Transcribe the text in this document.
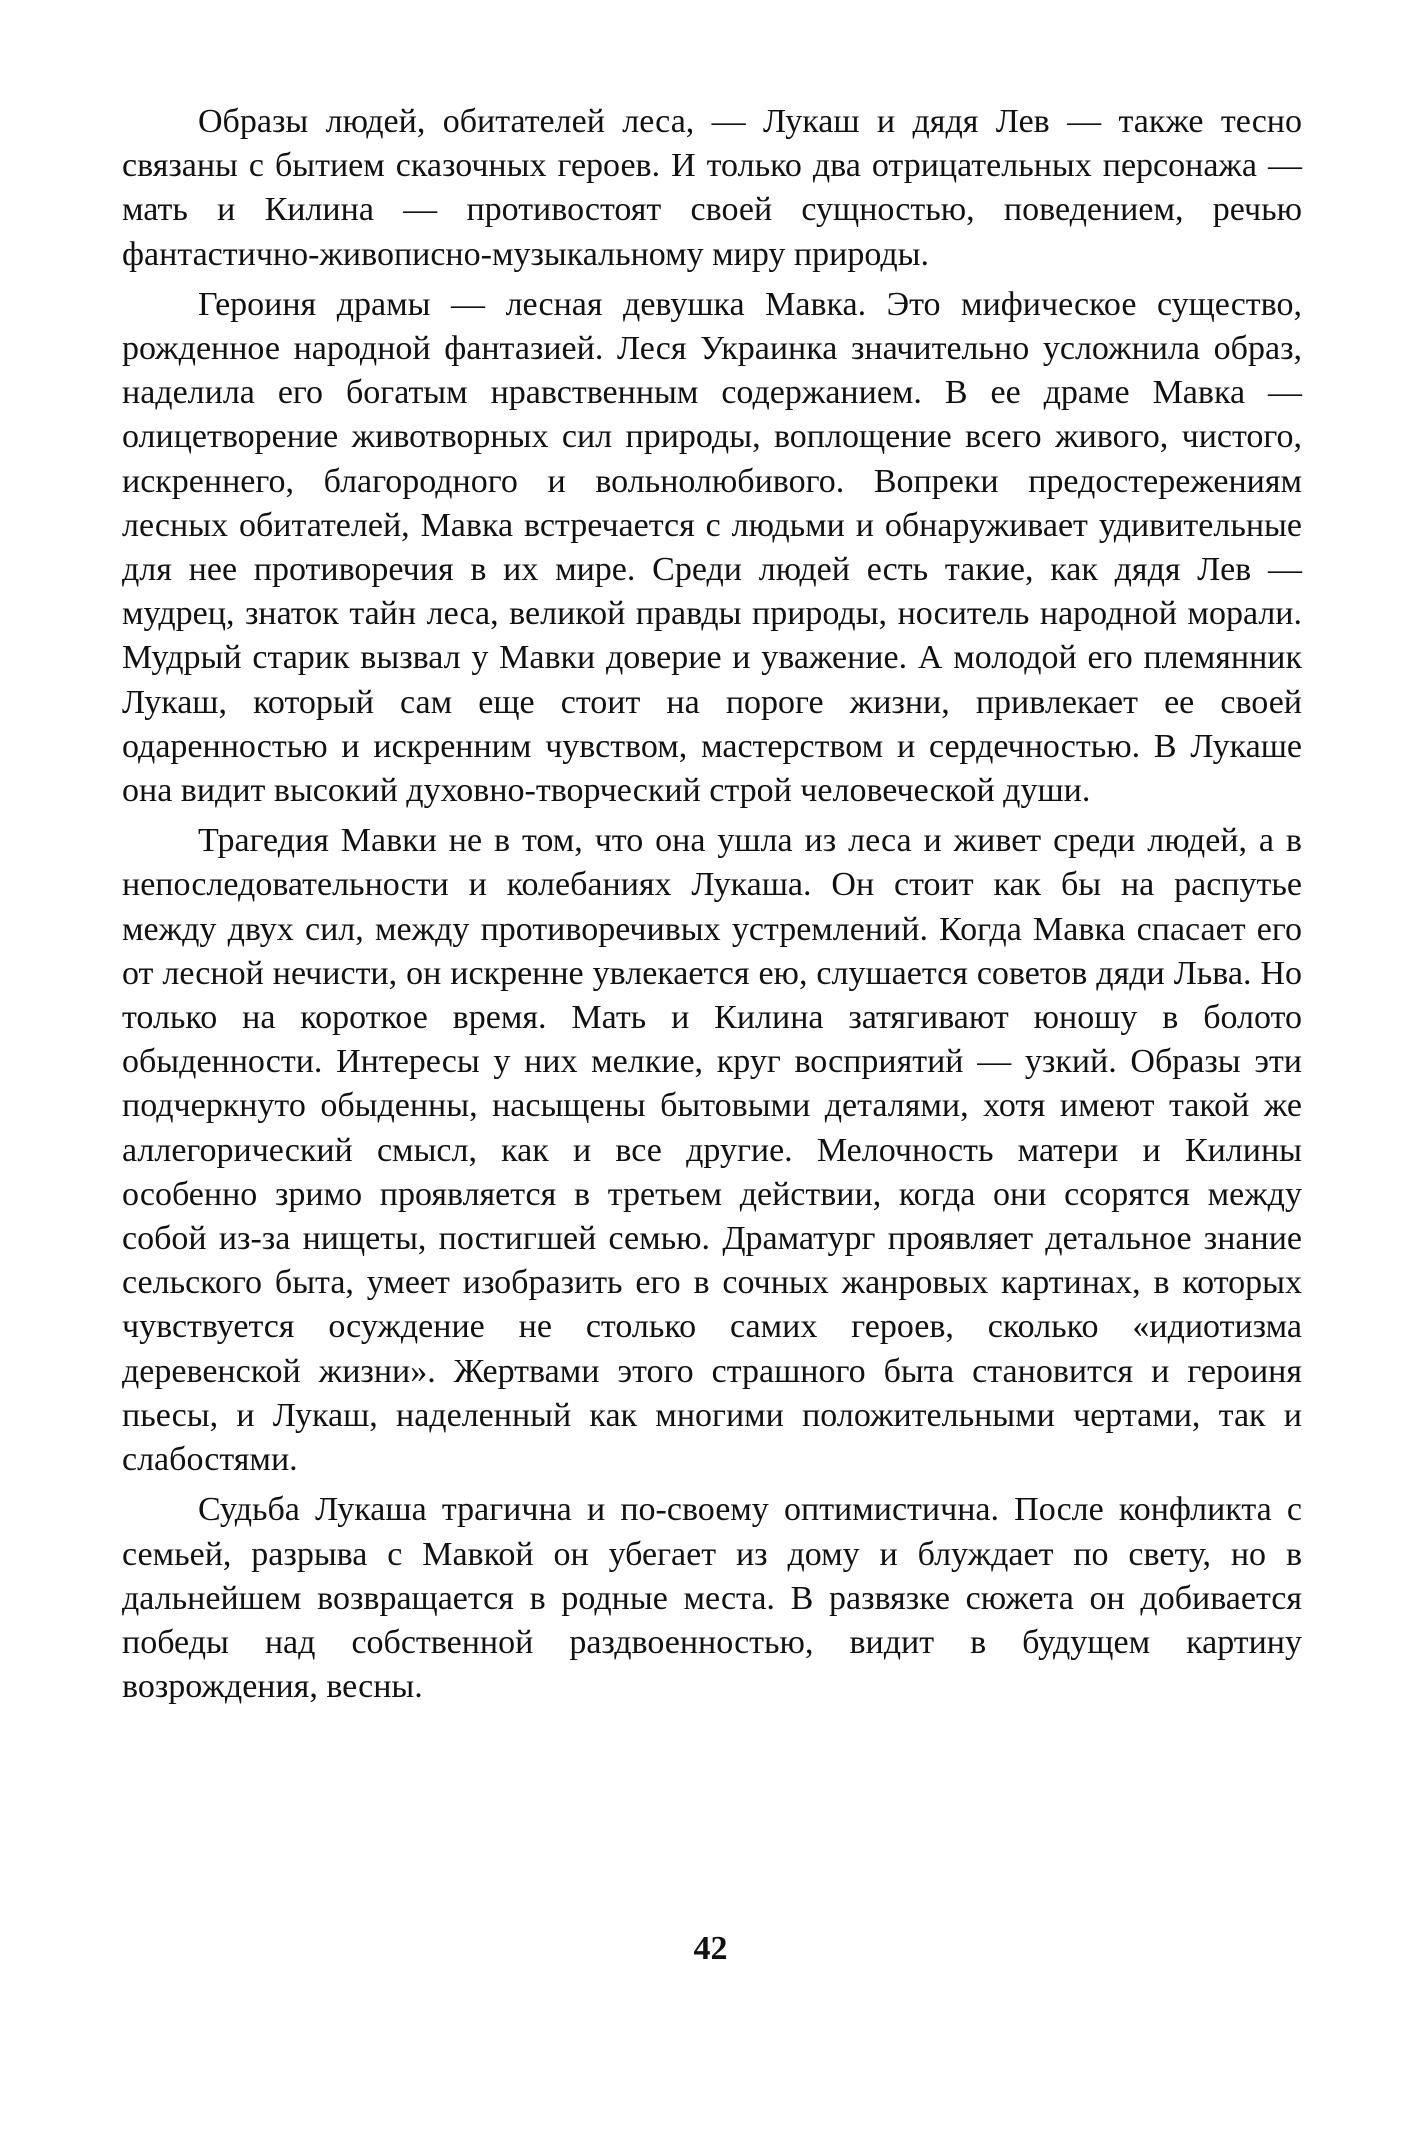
Образы людей, обитателей леса, — Лукаш и дядя Лев — также тесно связаны с бытием сказочных героев. И только два отрицательных персонажа — мать и Килина — противостоят своей сущностью, поведением, речью фантастично-живописно-музыкальному миру природы.

Героиня драмы — лесная девушка Мавка. Это мифическое существо, рожденное народной фантазией. Леся Украинка значительно усложнила образ, наделила его богатым нравственным содержанием. В ее драме Мавка — олицетворение животворных сил природы, воплощение всего живого, чистого, искреннего, благородного и вольнолюбивого. Вопреки предостережениям лесных обитателей, Мавка встречается с людьми и обнаруживает удивительные для нее противоречия в их мире. Среди людей есть такие, как дядя Лев — мудрец, знаток тайн леса, великой правды природы, носитель народной морали. Мудрый старик вызвал у Мавки доверие и уважение. А молодой его племянник Лукаш, который сам еще стоит на пороге жизни, привлекает ее своей одаренностью и искренним чувством, мастерством и сердечностью. В Лукаше она видит высокий духовно-творческий строй человеческой души.

Трагедия Мавки не в том, что она ушла из леса и живет среди людей, а в непоследовательности и колебаниях Лукаша. Он стоит как бы на распутье между двух сил, между противоречивых устремлений. Когда Мавка спасает его от лесной нечисти, он искренне увлекается ею, слушается советов дяди Льва. Но только на короткое время. Мать и Килина затягивают юношу в болото обыденности. Интересы у них мелкие, круг восприятий — узкий. Образы эти подчеркнуто обыденны, насыщены бытовыми деталями, хотя имеют такой же аллегорический смысл, как и все другие. Мелочность матери и Килины особенно зримо проявляется в третьем действии, когда они ссорятся между собой из-за нищеты, постигшей семью. Драматург проявляет детальное знание сельского быта, умеет изобразить его в сочных жанровых картинах, в которых чувствуется осуждение не столько самих героев, сколько «идиотизма деревенской жизни». Жертвами этого страшного быта становится и героиня пьесы, и Лукаш, наделенный как многими положительными чертами, так и слабостями.

Судьба Лукаша трагична и по-своему оптимистична. После конфликта с семьей, разрыва с Мавкой он убегает из дому и блуждает по свету, но в дальнейшем возвращается в родные места. В развязке сюжета он добивается победы над собственной раздвоенностью, видит в будущем картину возрождения, весны.

42
